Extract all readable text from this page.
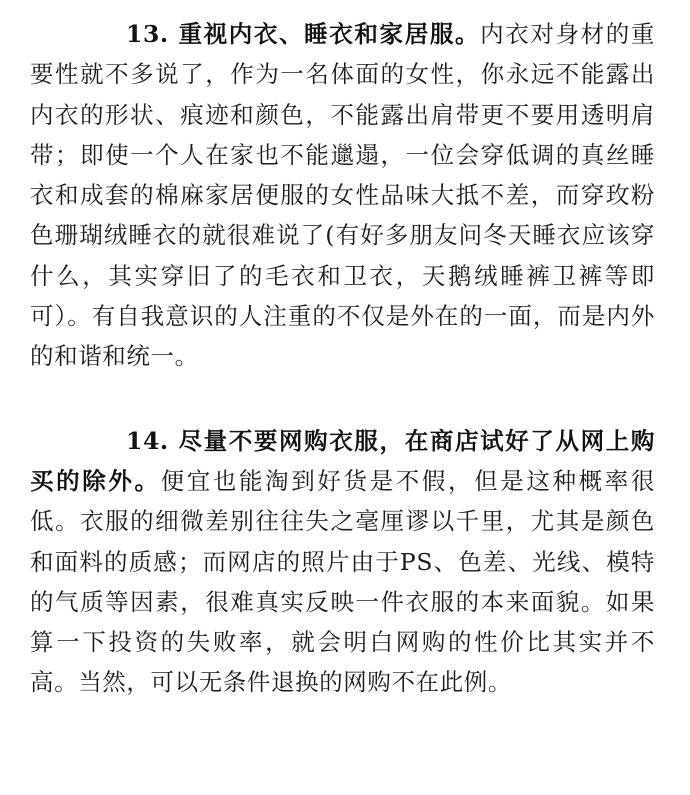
13. 重视内衣、睡衣和家居服。内衣对身材的重要性就不多说了，作为一名体面的女性，你永远不能露出内衣的形状、痕迹和颜色，不能露出肩带更不要用透明肩带；即使一个人在家也不能邋遢，一位会穿低调的真丝睡衣和成套的棉麻家居便服的女性品味大抵不差，而穿玫粉色珊瑚绒睡衣的就很难说了(有好多朋友问冬天睡衣应该穿什么，其实穿旧了的毛衣和卫衣，天鹅绒睡裤卫裤等即可）。有自我意识的人注重的不仅是外在的一面，而是内外的和谐和统一。

14. 尽量不要网购衣服，在商店试好了从网上购买的除外。便宜也能淘到好货是不假，但是这种概率很低。衣服的细微差别往往失之毫厘谬以千里，尤其是颜色和面料的质感；而网店的照片由于PS、色差、光线、模特的气质等因素，很难真实反映一件衣服的本来面貌。如果算一下投资的失败率，就会明白网购的性价比其实并不高。当然，可以无条件退换的网购不在此例。
